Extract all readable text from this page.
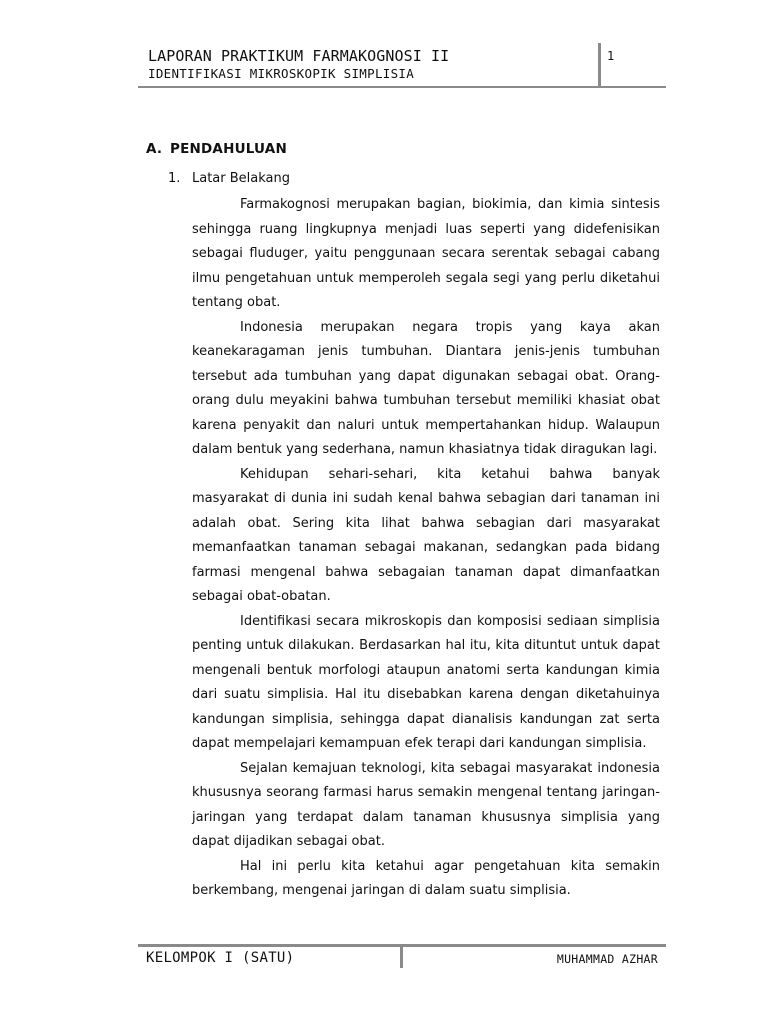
LAPORAN PRAKTIKUM FARMAKOGNOSI II
IDENTIFIKASI MIKROSKOPIK SIMPLISIA
1
A. PENDAHULUAN
1. Latar Belakang

Farmakognosi merupakan bagian, biokimia, dan kimia sintesis sehingga ruang lingkupnya menjadi luas seperti yang didefenisikan sebagai fluduger, yaitu penggunaan secara serentak sebagai cabang ilmu pengetahuan untuk memperoleh segala segi yang perlu diketahui tentang obat.

Indonesia merupakan negara tropis yang kaya akan keanekaragaman jenis tumbuhan. Diantara jenis-jenis tumbuhan tersebut ada tumbuhan yang dapat digunakan sebagai obat. Orang-orang dulu meyakini bahwa tumbuhan tersebut memiliki khasiat obat karena penyakit dan naluri untuk mempertahankan hidup. Walaupun dalam bentuk yang sederhana, namun khasiatnya tidak diragukan lagi.

Kehidupan sehari-sehari, kita ketahui bahwa banyak masyarakat di dunia ini sudah kenal bahwa sebagian dari tanaman ini adalah obat. Sering kita lihat bahwa sebagian dari masyarakat memanfaatkan tanaman sebagai makanan, sedangkan pada bidang farmasi mengenal bahwa sebagaian tanaman dapat dimanfaatkan sebagai obat-obatan.

Identifikasi secara mikroskopis dan komposisi sediaan simplisia penting untuk dilakukan. Berdasarkan hal itu, kita dituntut untuk dapat mengenali bentuk morfologi ataupun anatomi serta kandungan kimia dari suatu simplisia. Hal itu disebabkan karena dengan diketahuinya kandungan simplisia, sehingga dapat dianalisis kandungan zat serta dapat mempelajari kemampuan efek terapi dari kandungan simplisia.

Sejalan kemajuan teknologi, kita sebagai masyarakat indonesia khususnya seorang farmasi harus semakin mengenal tentang jaringan-jaringan yang terdapat dalam tanaman khususnya simplisia yang dapat dijadikan sebagai obat.

Hal ini perlu kita ketahui agar pengetahuan kita semakin berkembang, mengenai jaringan di dalam suatu simplisia.

KELOMPOK I (SATU)	MUHAMMAD AZHAR
